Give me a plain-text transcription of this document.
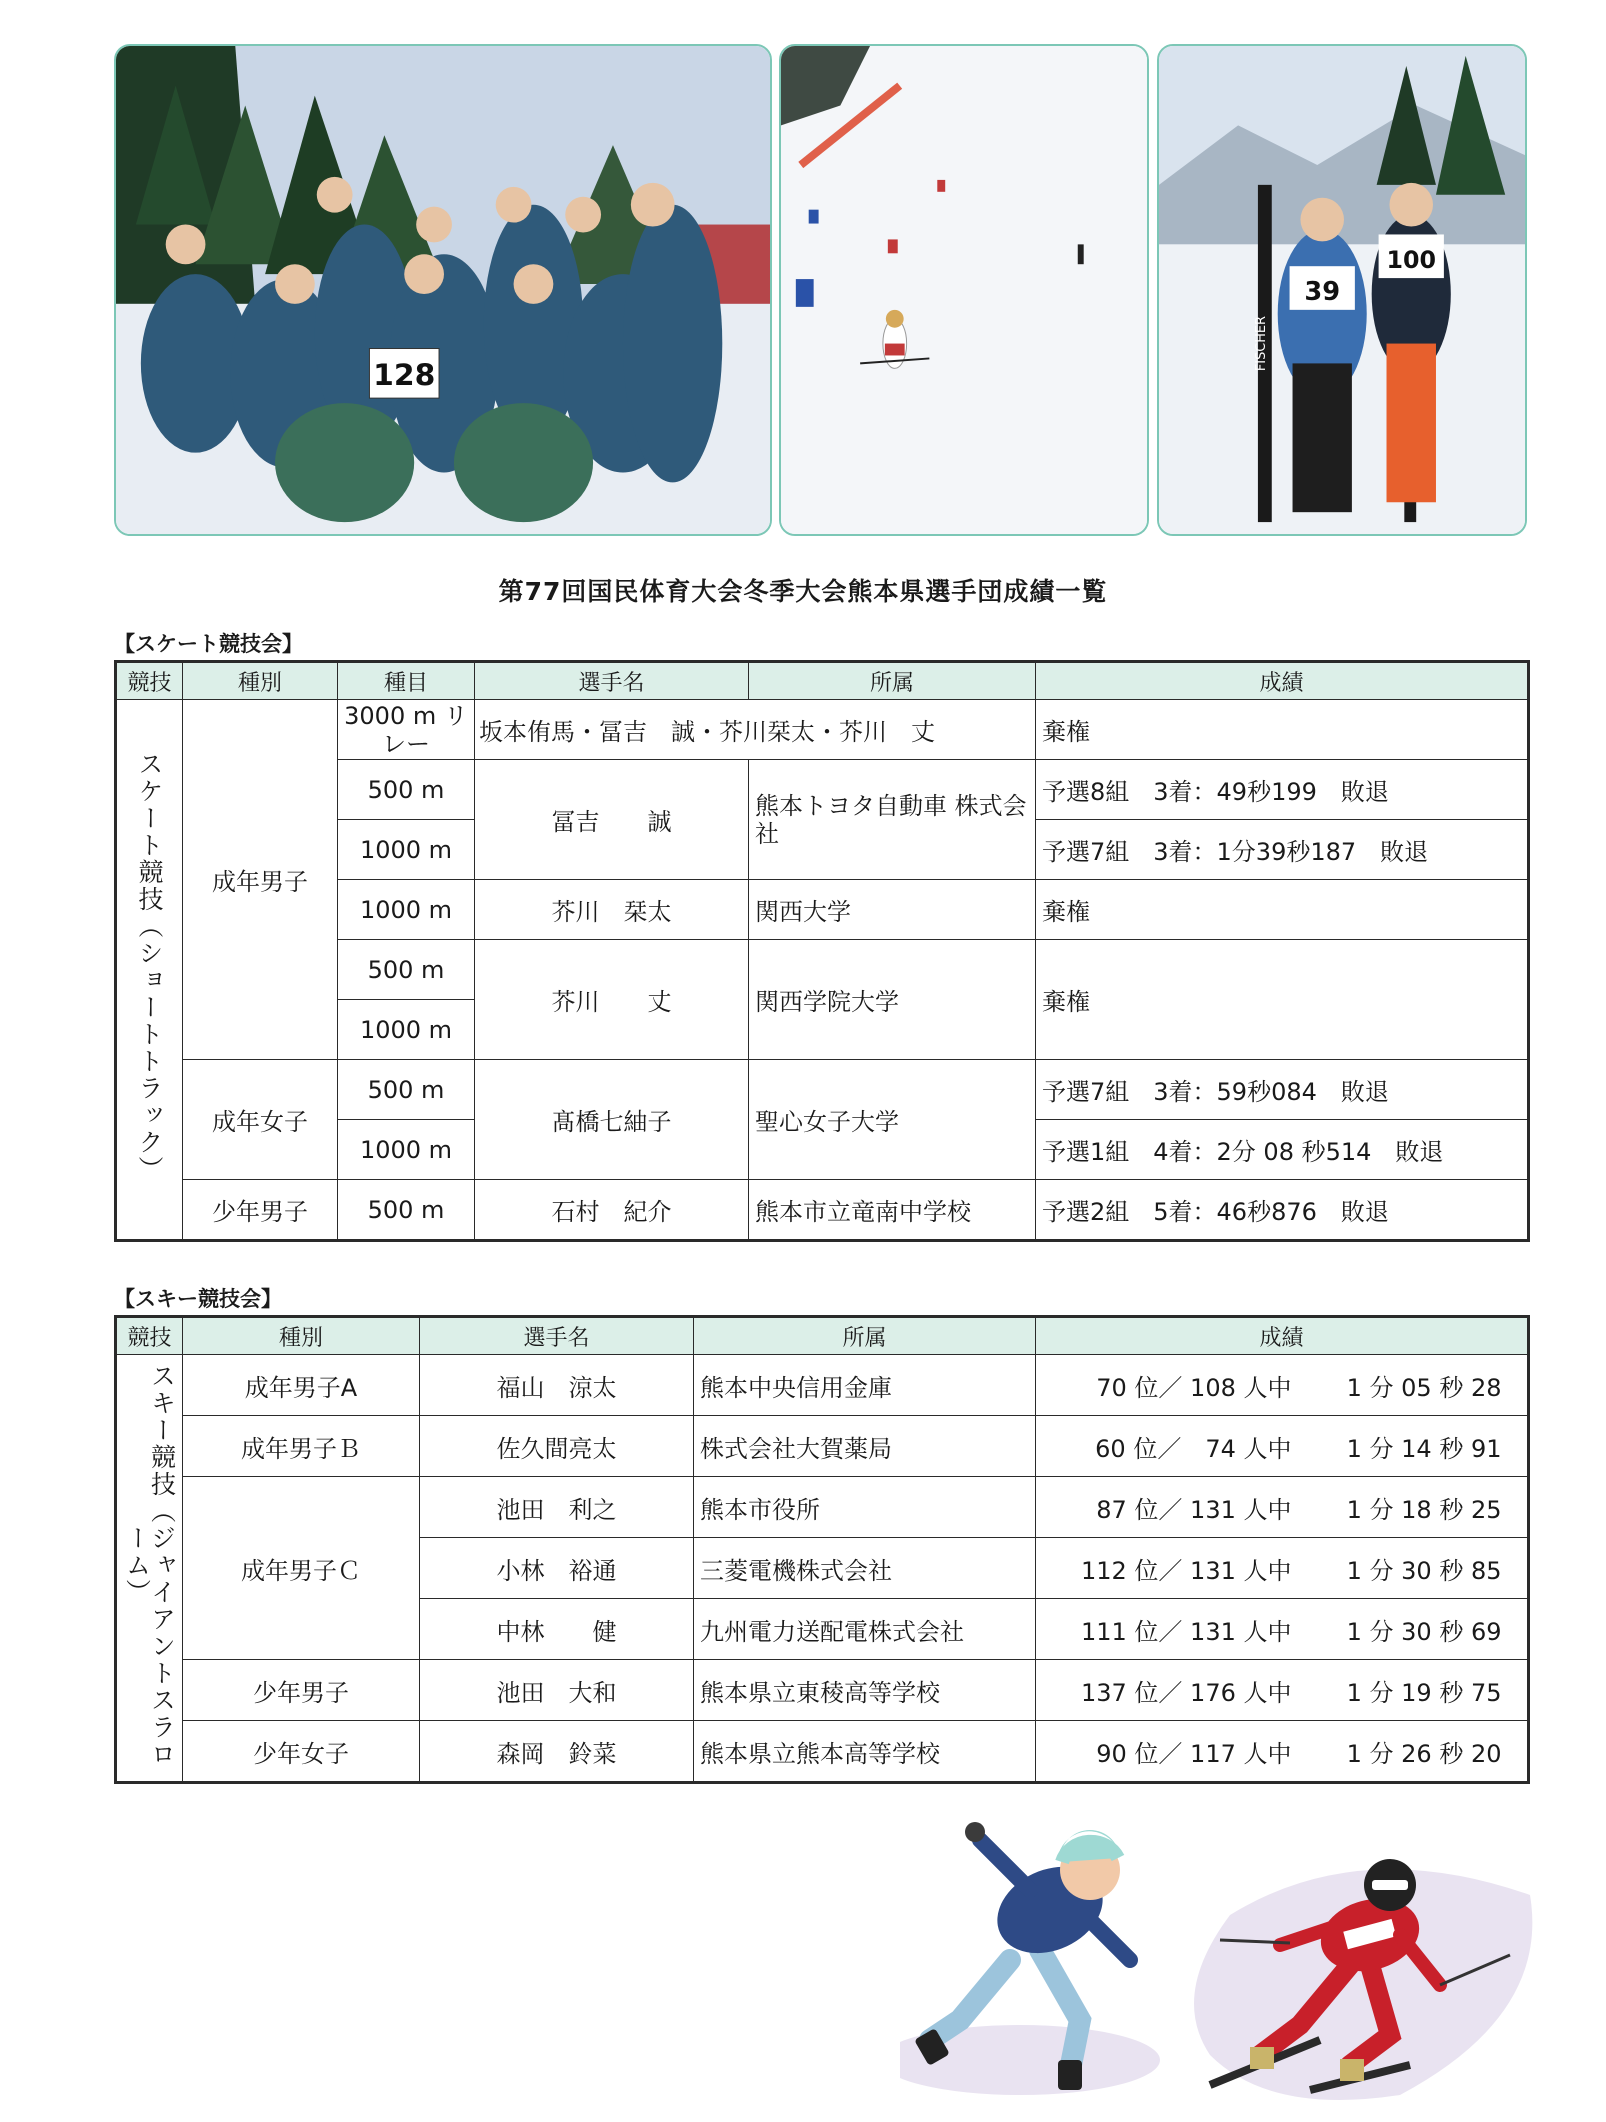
128
FISCHER
39
100
第77回国民体育大会冬季大会熊本県選手団成績一覧
【スケート競技会】
競技	種別	種目	選手名	所属	成績
スケート競技（ショートトラック）	成年男子	3000 m リレー	坂本侑馬・冨吉　誠・芥川栞太・芥川　丈		棄権
		500 m	冨吉　　誠	熊本トヨタ自動車 株式会社	予選8組　3着：49秒199　敗退
		1000 m			予選7組　3着：1分39秒187　敗退
		1000 m	芥川　栞太	関西大学	棄権
		500 m	芥川　　丈	関西学院大学	棄権
		1000 m			
	成年女子	500 m	髙橋七紬子	聖心女子大学	予選7組　3着：59秒084　敗退
		1000 m			予選1組　4着：2分 08 秒514　敗退
	少年男子	500 m	石村　紀介	熊本市立竜南中学校	予選2組　5着：46秒876　敗退
【スキー競技会】
競技	種別	選手名	所属	成績
スキー競技（ジャイアントスラローム）	成年男子A	福山　涼太	熊本中央信用金庫	70 位／ 108 人中 1 分 05 秒 28
	成年男子Ｂ	佐久間亮太	株式会社大賀薬局	60 位／　74 人中 1 分 14 秒 91
	成年男子Ｃ	池田　利之	熊本市役所	87 位／ 131 人中 1 分 18 秒 25
		小林　裕通	三菱電機株式会社	112 位／ 131 人中 1 分 30 秒 85
		中林　　健	九州電力送配電株式会社	111 位／ 131 人中 1 分 30 秒 69
	少年男子	池田　大和	熊本県立東稜高等学校	137 位／ 176 人中 1 分 19 秒 75
	少年女子	森岡　鈴菜	熊本県立熊本高等学校	90 位／ 117 人中 1 分 26 秒 20
